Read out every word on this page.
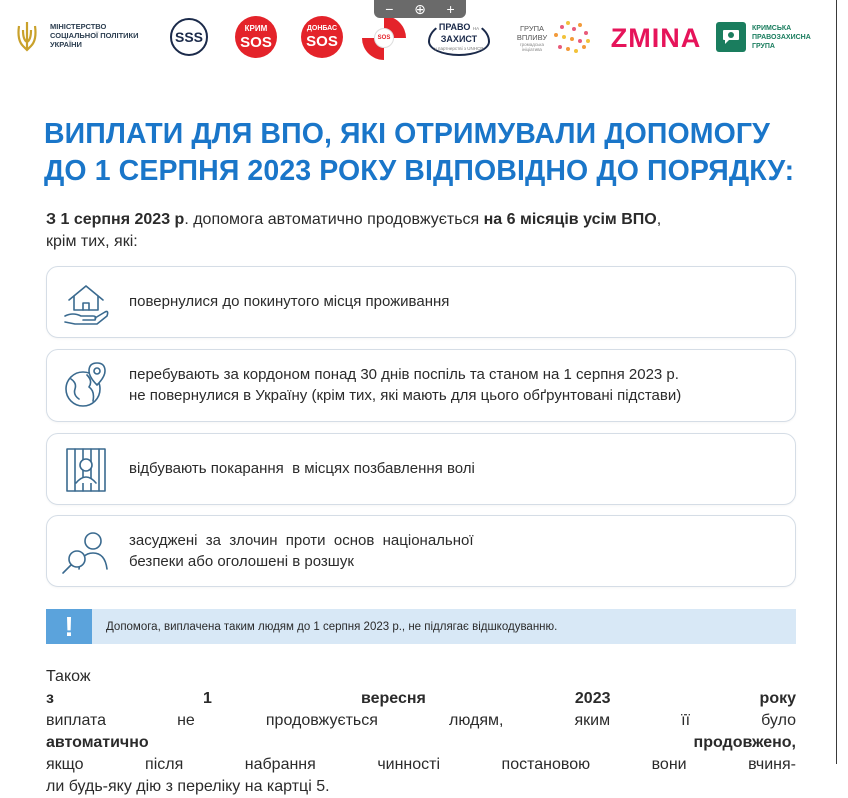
МІНІСТЕРСТВО
СОЦІАЛЬНОЇ ПОЛІТИКИ
УКРАЇНИ	SSS
КРИМ
SOS
ДОНБАС
SOS	SOS
ПРАВО НА
ЗАХИСТ
у партнерстві з UNHCR
ГРУПА
ВПЛИВУ
громадська
ініціатива	ZMINA	КРИМСЬКА
ПРАВОЗАХИСНА
ГРУПА
−	⊕	+
ВИПЛАТИ ДЛЯ ВПО, ЯКІ ОТРИМУВАЛИ ДОПОМОГУ
ДО 1 СЕРПНЯ 2023 РОКУ ВІДПОВІДНО ДО ПОРЯДКУ:

З 1 серпня 2023 р. допомога автоматично продовжується на 6 місяців усім ВПО,
крім тих, які:

повернулися до покинутого місця проживання
перебувають за кордоном понад 30 днів поспіль та станом на 1 серпня 2023 р.
не повернулися в Україну (крім тих, які мають для цього обґрунтовані підстави)
відбувають покарання  в місцях позбавлення волі
засуджені  за  злочин  проти  основ  національної
безпеки або оголошені в розшук
!	Допомога, виплачена таким людям до 1 серпня 2023 р., не підлягає відшкодуванню.
Також
з 1 вересня 2023 року
виплата не продовжується людям, яким її було
автоматично продовжено,
якщо після набрання чинності постановою вони вчиня-
ли будь-яку дію з переліку на картці 5.
